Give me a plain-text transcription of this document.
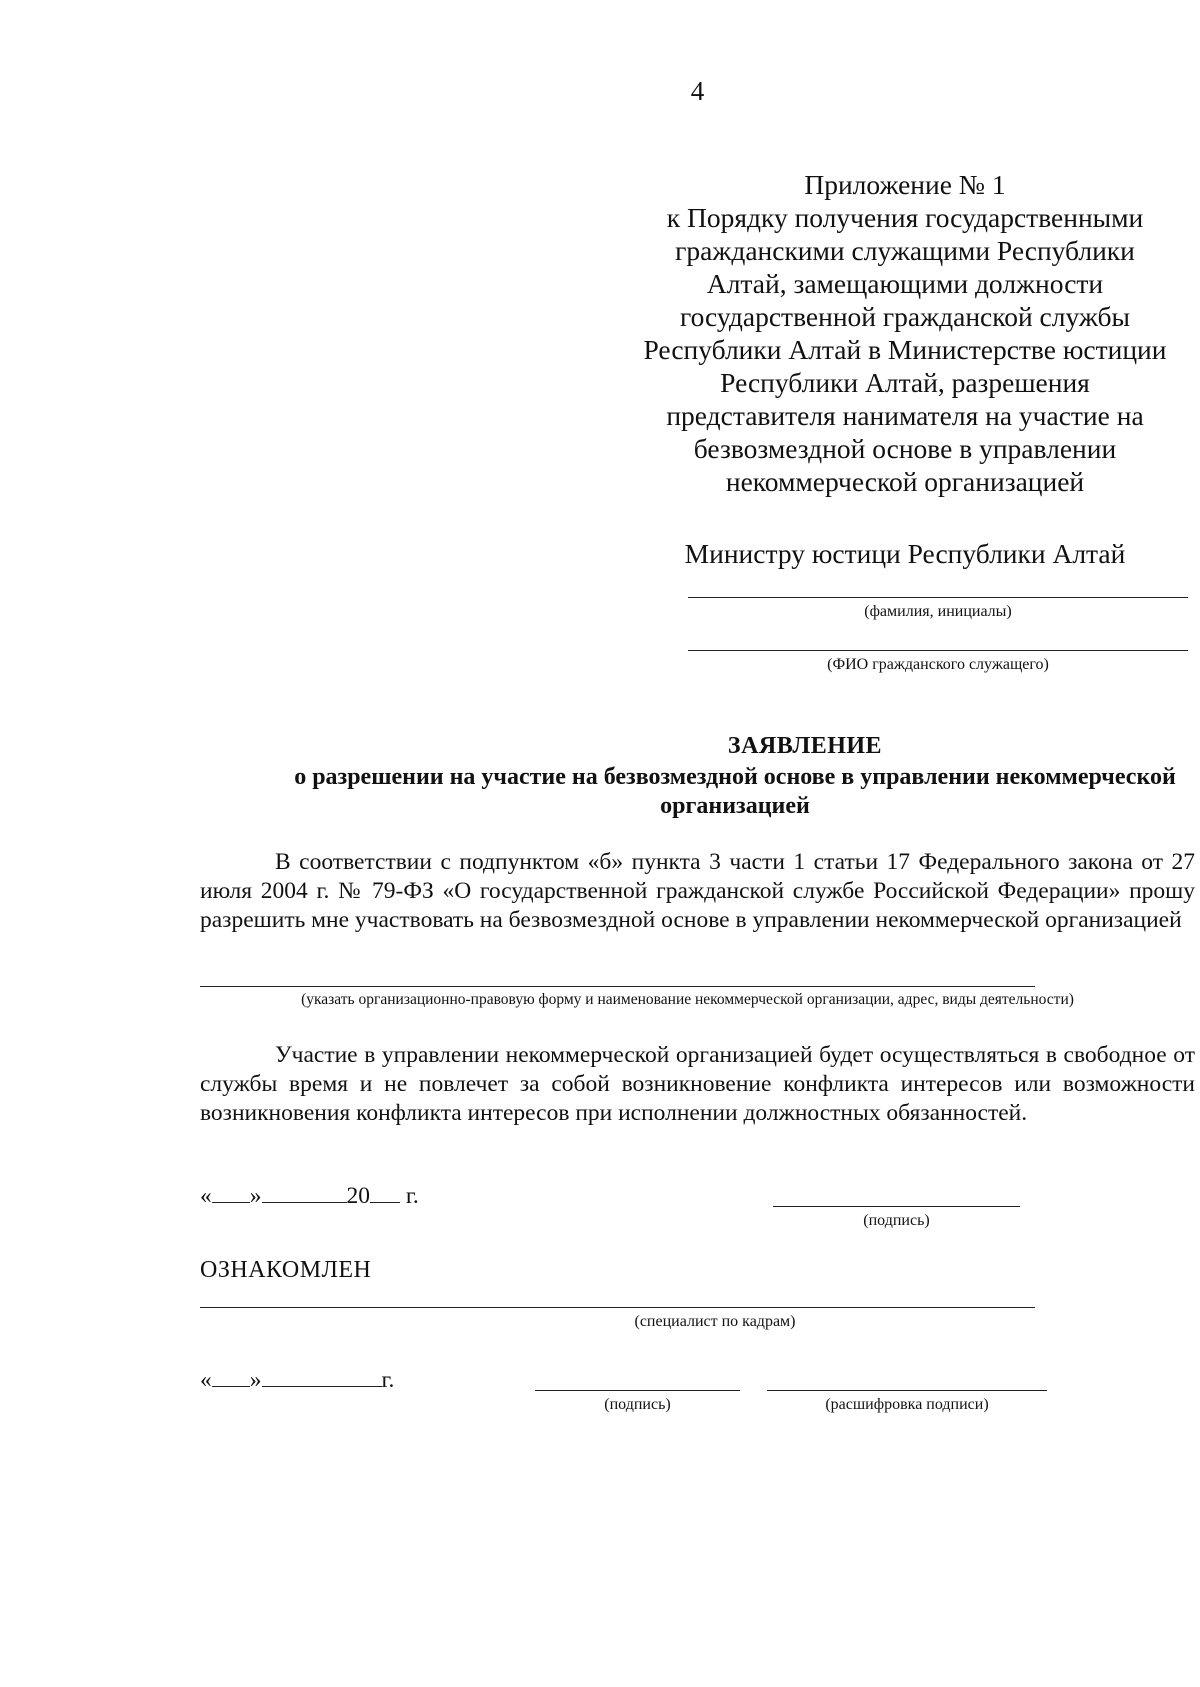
4
Приложение № 1
к Порядку получения государственными
гражданскими служащими Республики
Алтай, замещающими должности
государственной гражданской службы
Республики Алтай в Министерстве юстиции
Республики Алтай, разрешения
представителя нанимателя на участие на
безвозмездной основе в управлении
некоммерческой организацией
Министру юстици Республики Алтай
(фамилия, инициалы)
(ФИО гражданского служащего)
ЗАЯВЛЕНИЕ
о разрешении на участие на безвозмездной основе в управлении некоммерческой организацией
В соответствии с подпунктом «б» пункта 3 части 1 статьи 17 Федерального закона от 27 июля 2004 г. № 79-ФЗ «О государственной гражданской службе Российской Федерации» прошу разрешить мне участвовать на безвозмездной основе в управлении некоммерческой организацией
(указать организационно-правовую форму и наименование некоммерческой организации, адрес, виды деятельности)
Участие в управлении некоммерческой организацией будет осуществляться в свободное от службы время и не повлечет за собой возникновение конфликта интересов или возможности возникновения конфликта интересов при исполнении должностных обязанностей.
« »	20 г.
(подпись)
ОЗНАКОМЛЕН
(специалист по кадрам)
« »	г.
(подпись)	(расшифровка подписи)
